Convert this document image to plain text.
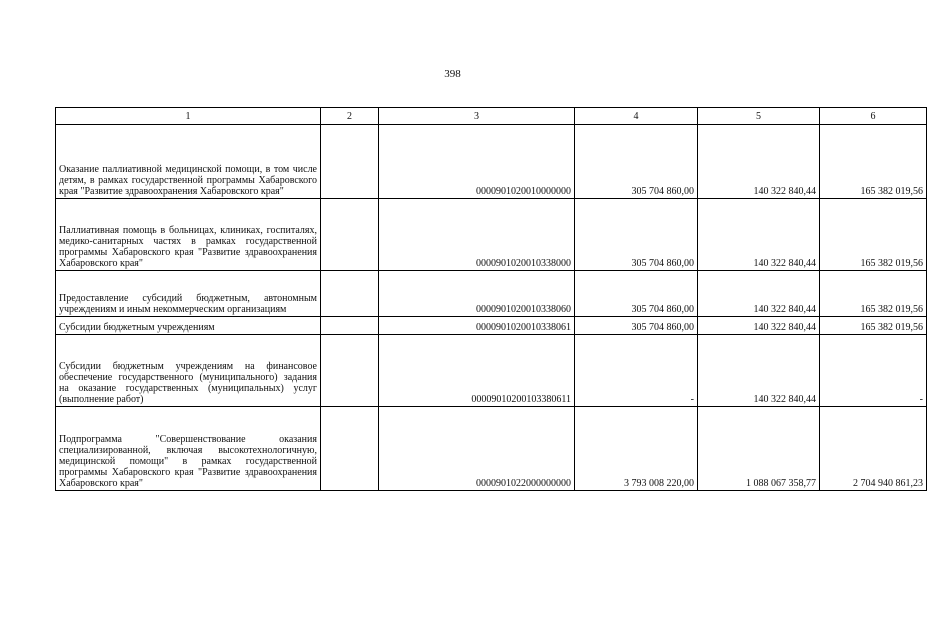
398
1	2	3	4	5	6
Оказание паллиативной медицинской помощи, в том числе детям, в рамках государственной программы Хабаровского края "Развитие здравоохранения Хабаровского края"		0000901020010000000	305 704 860,00	140 322 840,44	165 382 019,56
Паллиативная помощь в больницах, клиниках, госпиталях, медико-санитарных частях в рамках государственной программы Хабаровского края "Развитие здравоохранения Хабаровского края"		0000901020010338000	305 704 860,00	140 322 840,44	165 382 019,56
Предоставление субсидий бюджетным, автономным учреждениям и иным некоммерческим организациям		0000901020010338060	305 704 860,00	140 322 840,44	165 382 019,56
Субсидии бюджетным учреждениям		0000901020010338061	305 704 860,00	140 322 840,44	165 382 019,56
Субсидии бюджетным учреждениям на финансовое обеспечение государственного (муниципального) задания на оказание государственных (муниципальных) услуг (выполнение работ)		00009010200103380611	-	140 322 840,44	-
Подпрограмма "Совершенствование оказания специализированной, включая высокотехнологичную, медицинской помощи" в рамках государственной программы Хабаровского края "Развитие здравоохранения Хабаровского края"		0000901022000000000	3 793 008 220,00	1 088 067 358,77	2 704 940 861,23
